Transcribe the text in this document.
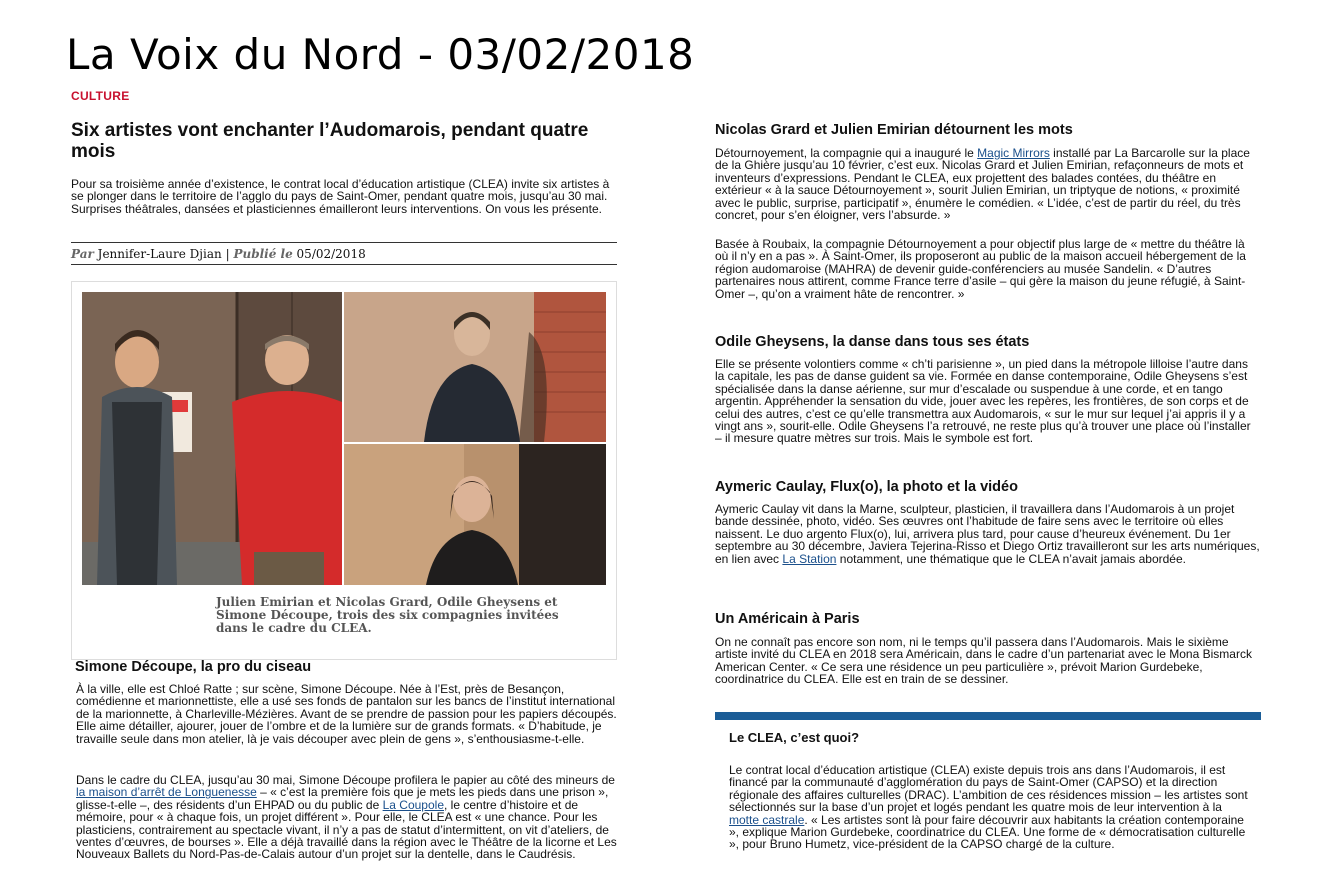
La Voix du Nord - 03/02/2018
CULTURE
Six artistes vont enchanter l’Audomarois, pendant quatre mois
Pour sa troisième année d’existence, le contrat local d’éducation artistique (CLEA) invite six artistes à se plonger dans le territoire de l’agglo du pays de Saint-Omer, pendant quatre mois, jusqu’au 30 mai. Surprises théâtrales, dansées et plasticiennes émailleront leurs interventions. On vous les présente.
Par Jennifer-Laure Djian | Publié le 05/02/2018
Julien Emirian et Nicolas Grard, Odile Gheysens et Simone Découpe, trois des six compagnies invitées dans le cadre du CLEA.
Simone Découpe, la pro du ciseau
À la ville, elle est Chloé Ratte ; sur scène, Simone Découpe. Née à l’Est, près de Besançon, comédienne et marionnettiste, elle a usé ses fonds de pantalon sur les bancs de l’institut international de la marionnette, à Charleville-Mézières. Avant de se prendre de passion pour les papiers découpés. Elle aime détailler, ajourer, jouer de l’ombre et de la lumière sur de grands formats. « D’habitude, je travaille seule dans mon atelier, là je vais découper avec plein de gens », s’enthousiasme-t-elle.
Dans le cadre du CLEA, jusqu’au 30 mai, Simone Découpe profilera le papier au côté des mineurs de la maison d’arrêt de Longuenesse – « c’est la première fois que je mets les pieds dans une prison », glisse-t-elle –, des résidents d’un EHPAD ou du public de La Coupole, le centre d’histoire et de mémoire, pour « à chaque fois, un projet différent ». Pour elle, le CLEA est « une chance. Pour les plasticiens, contrairement au spectacle vivant, il n’y a pas de statut d’intermittent, on vit d’ateliers, de ventes d’œuvres, de bourses ». Elle a déjà travaillé dans la région avec le Théâtre de la licorne et Les Nouveaux Ballets du Nord-Pas-de-Calais autour d’un projet sur la dentelle, dans le Caudrésis.
Nicolas Grard et Julien Emirian détournent les mots
Détournoyement, la compagnie qui a inauguré le Magic Mirrors installé par La Barcarolle sur la place de la Ghière jusqu’au 10 février, c’est eux. Nicolas Grard et Julien Emirian, refaçonneurs de mots et inventeurs d’expressions. Pendant le CLEA, eux projettent des balades contées, du théâtre en extérieur « à la sauce Détournoyement », sourit Julien Emirian, un triptyque de notions, « proximité avec le public, surprise, participatif », énumère le comédien. « L’idée, c’est de partir du réel, du très concret, pour s’en éloigner, vers l’absurde. »
Basée à Roubaix, la compagnie Détournoyement a pour objectif plus large de « mettre du théâtre là où il n’y en a pas ». À Saint-Omer, ils proposeront au public de la maison accueil hébergement de la région audomaroise (MAHRA) de devenir guide-conférenciers au musée Sandelin. « D’autres partenaires nous attirent, comme France terre d’asile – qui gère la maison du jeune réfugié, à Saint-Omer –, qu’on a vraiment hâte de rencontrer. »
Odile Gheysens, la danse dans tous ses états
Elle se présente volontiers comme « ch’ti parisienne », un pied dans la métropole lilloise l’autre dans la capitale, les pas de danse guident sa vie. Formée en danse contemporaine, Odile Gheysens s’est spécialisée dans la danse aérienne, sur mur d’escalade ou suspendue à une corde, et en tango argentin. Appréhender la sensation du vide, jouer avec les repères, les frontières, de son corps et de celui des autres, c’est ce qu’elle transmettra aux Audomarois, « sur le mur sur lequel j’ai appris il y a vingt ans », sourit-elle. Odile Gheysens l’a retrouvé, ne reste plus qu’à trouver une place où l’installer – il mesure quatre mètres sur trois. Mais le symbole est fort.
Aymeric Caulay, Flux(o), la photo et la vidéo
Aymeric Caulay vit dans la Marne, sculpteur, plasticien, il travaillera dans l’Audomarois à un projet bande dessinée, photo, vidéo. Ses œuvres ont l’habitude de faire sens avec le territoire où elles naissent. Le duo argento Flux(o), lui, arrivera plus tard, pour cause d’heureux événement. Du 1er septembre au 30 décembre, Javiera Tejerina-Risso et Diego Ortiz travailleront sur les arts numériques, en lien avec La Station notamment, une thématique que le CLEA n’avait jamais abordée.
Un Américain à Paris
On ne connaît pas encore son nom, ni le temps qu’il passera dans l’Audomarois. Mais le sixième artiste invité du CLEA en 2018 sera Américain, dans le cadre d’un partenariat avec le Mona Bismarck American Center. « Ce sera une résidence un peu particulière », prévoit Marion Gurdebeke, coordinatrice du CLEA. Elle est en train de se dessiner.
Le CLEA, c’est quoi?
Le contrat local d’éducation artistique (CLEA) existe depuis trois ans dans l’Audomarois, il est financé par la communauté d’agglomération du pays de Saint-Omer (CAPSO) et la direction régionale des affaires culturelles (DRAC). L’ambition de ces résidences mission – les artistes sont sélectionnés sur la base d’un projet et logés pendant les quatre mois de leur intervention à la motte castrale. « Les artistes sont là pour faire découvrir aux habitants la création contemporaine », explique Marion Gurdebeke, coordinatrice du CLEA. Une forme de « démocratisation culturelle », pour Bruno Humetz, vice-président de la CAPSO chargé de la culture.
